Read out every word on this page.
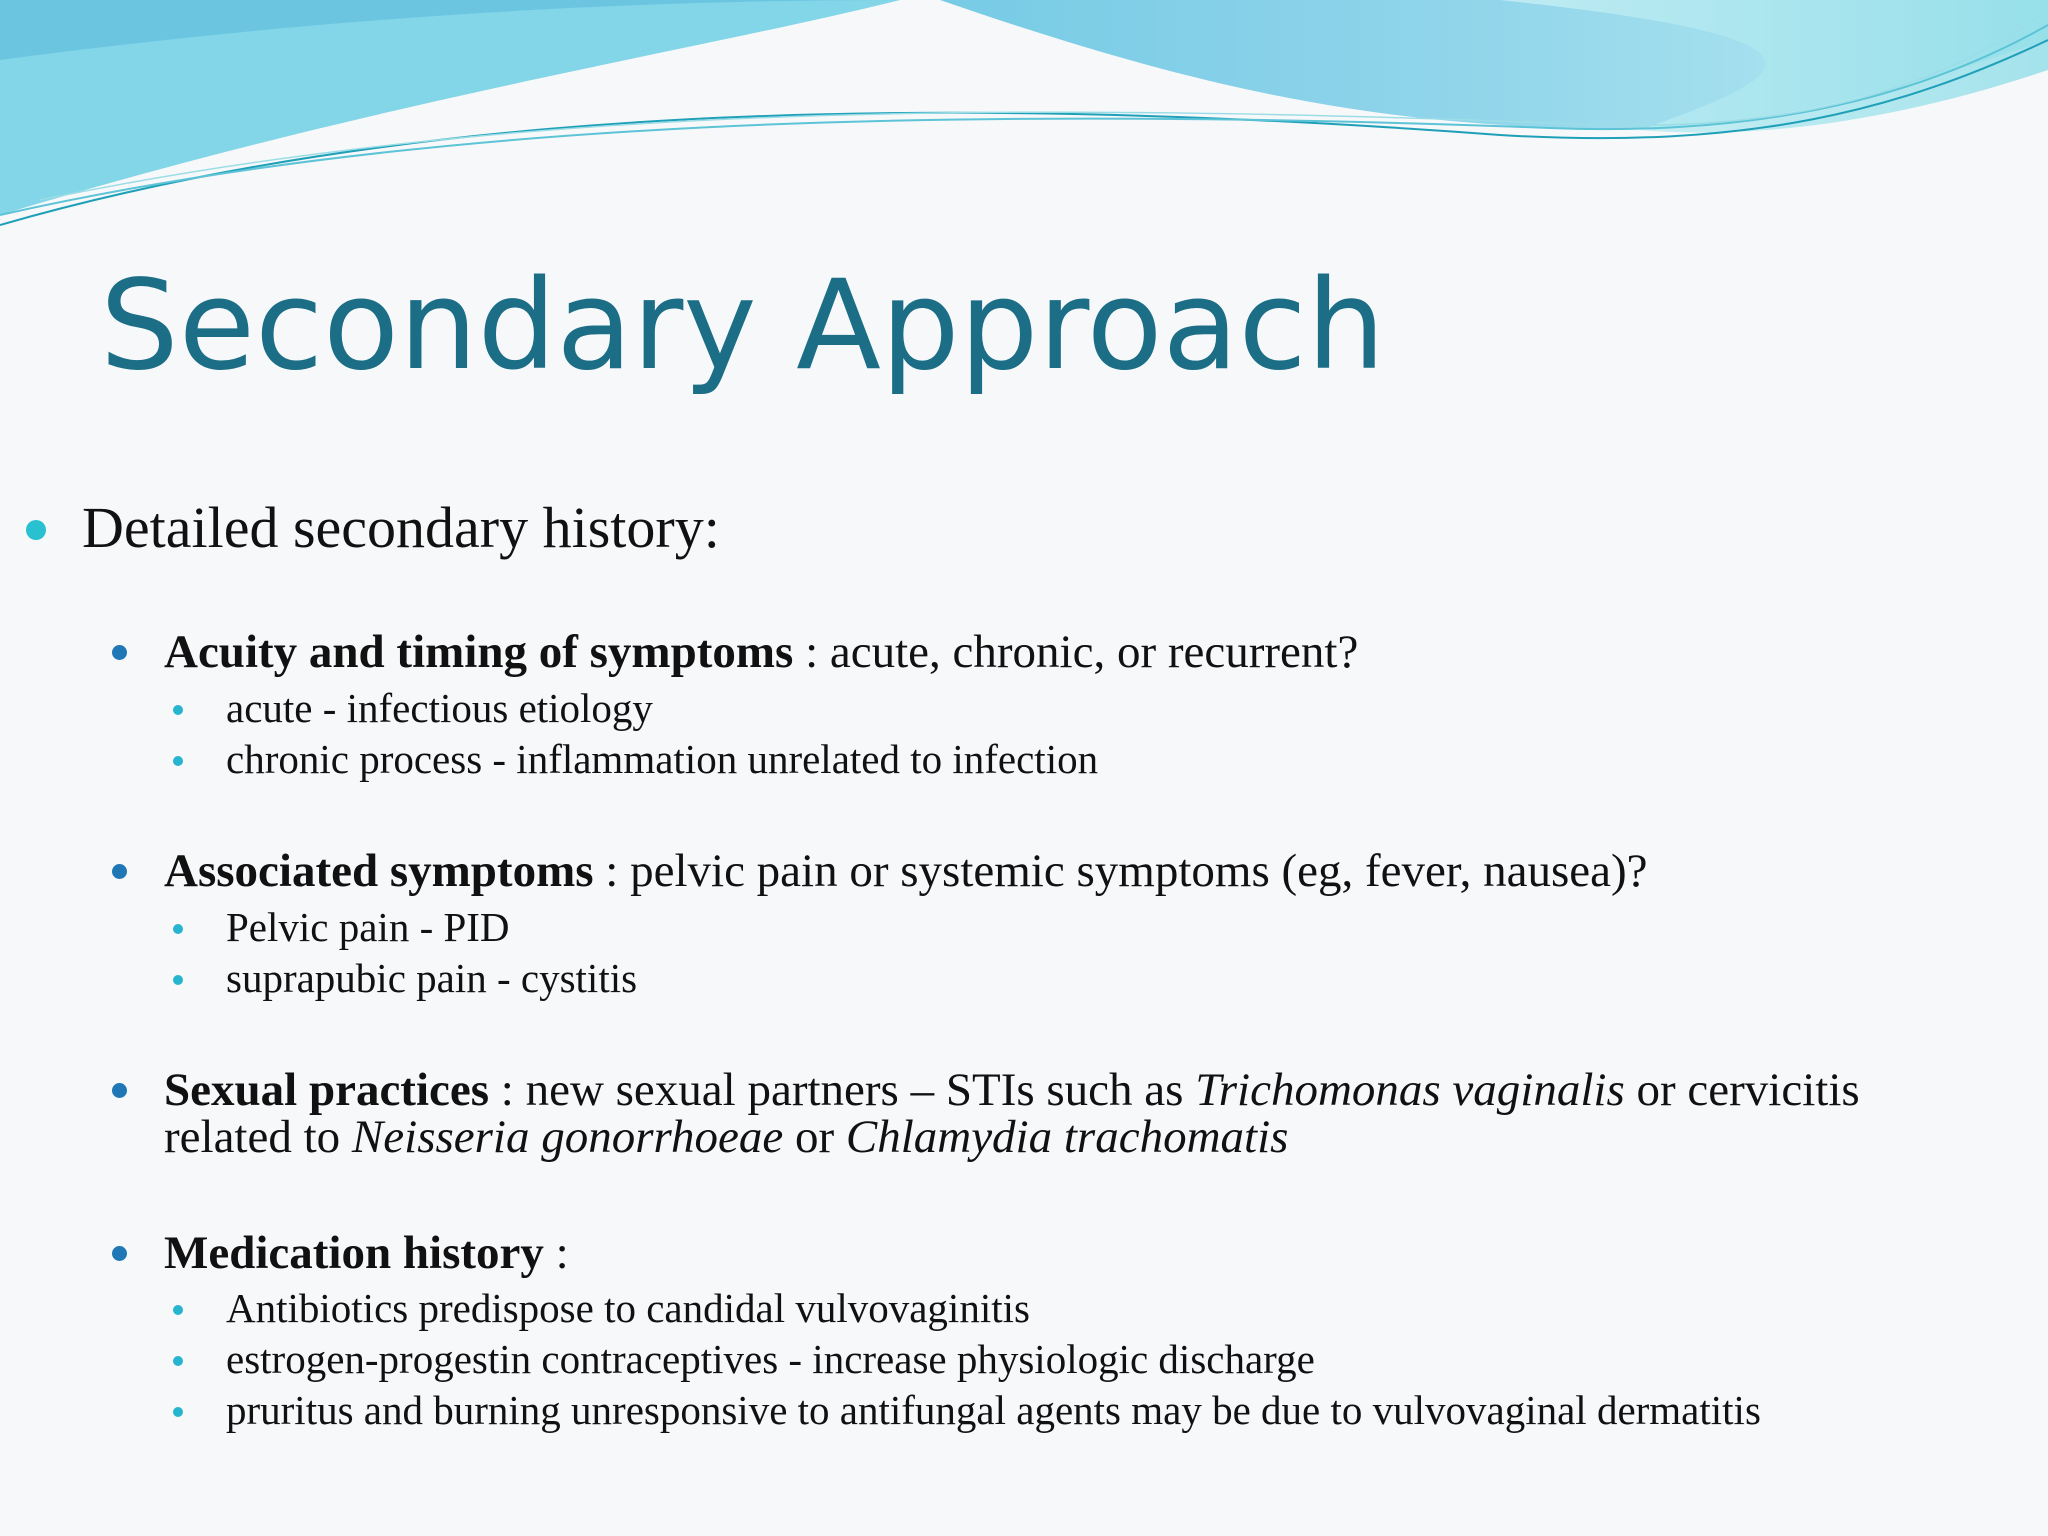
Secondary Approach
Detailed secondary history:
Acuity and timing of symptoms : acute, chronic, or recurrent?
acute - infectious etiology
chronic process - inflammation unrelated to infection
Associated symptoms : pelvic pain or systemic symptoms (eg, fever, nausea)?
Pelvic pain - PID
suprapubic pain - cystitis
Sexual practices : new sexual partners – STIs such as Trichomonas vaginalis or cervicitis
related to Neisseria gonorrhoeae or Chlamydia trachomatis
Medication history :
Antibiotics predispose to candidal vulvovaginitis
estrogen-progestin contraceptives - increase physiologic discharge
pruritus and burning unresponsive to antifungal agents may be due to vulvovaginal dermatitis
